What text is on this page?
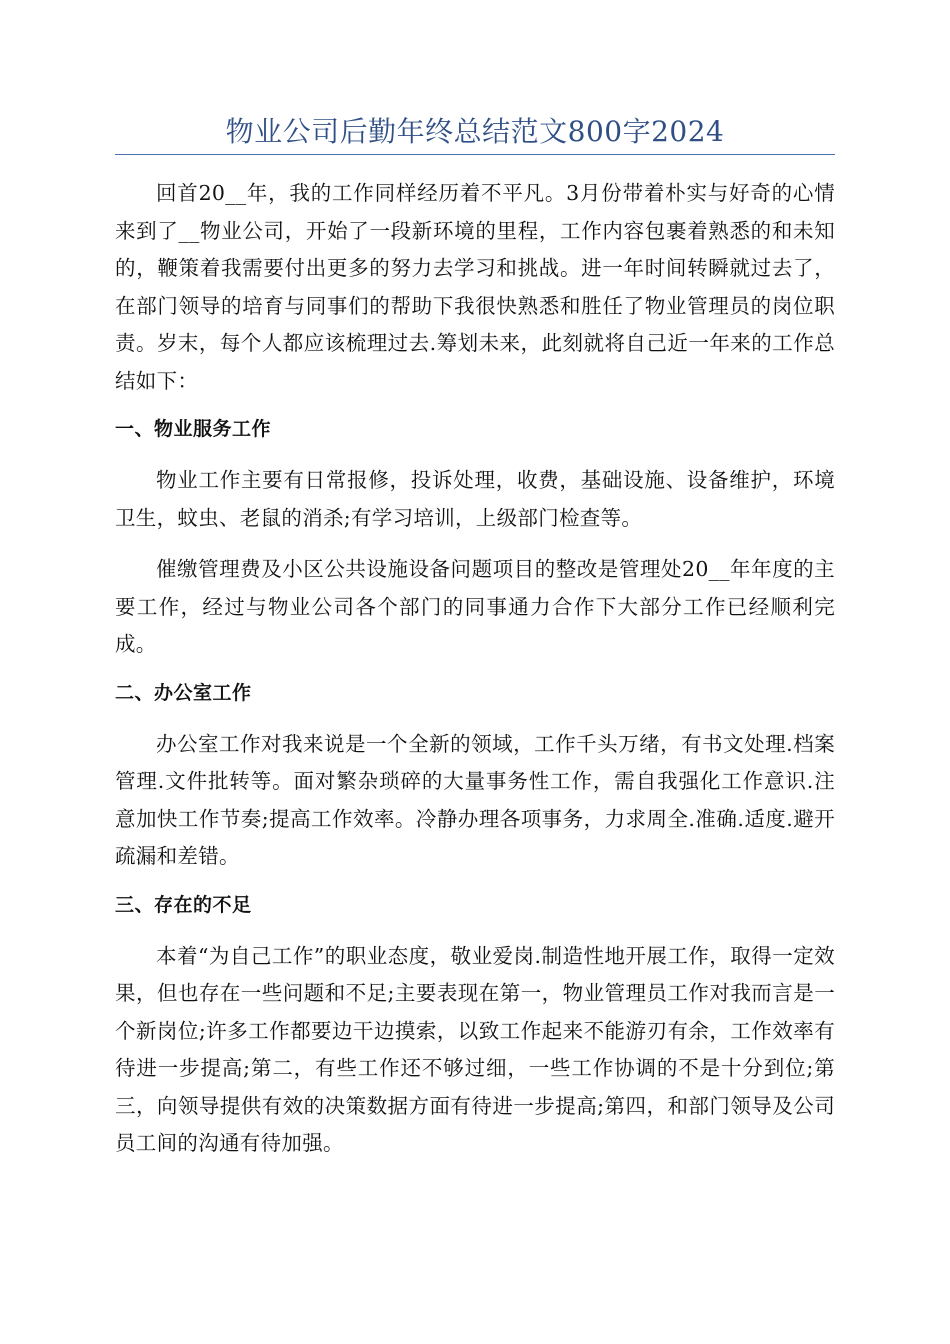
物业公司后勤年终总结范文800字2024

回首20__年，我的工作同样经历着不平凡。3月份带着朴实与好奇的心情来到了__物业公司，开始了一段新环境的里程，工作内容包裹着熟悉的和未知的，鞭策着我需要付出更多的努力去学习和挑战。进一年时间转瞬就过去了，在部门领导的培育与同事们的帮助下我很快熟悉和胜任了物业管理员的岗位职责。岁末，每个人都应该梳理过去.筹划未来，此刻就将自己近一年来的工作总结如下：

一、物业服务工作

物业工作主要有日常报修，投诉处理，收费，基础设施、设备维护，环境卫生，蚊虫、老鼠的消杀;有学习培训，上级部门检查等。

催缴管理费及小区公共设施设备问题项目的整改是管理处20__年年度的主要工作，经过与物业公司各个部门的同事通力合作下大部分工作已经顺利完成。

二、办公室工作

办公室工作对我来说是一个全新的领域，工作千头万绪，有书文处理.档案管理.文件批转等。面对繁杂琐碎的大量事务性工作，需自我强化工作意识.注意加快工作节奏;提高工作效率。冷静办理各项事务，力求周全.准确.适度.避开疏漏和差错。

三、存在的不足

本着“为自己工作”的职业态度，敬业爱岗.制造性地开展工作，取得一定效果，但也存在一些问题和不足;主要表现在第一，物业管理员工作对我而言是一个新岗位;许多工作都要边干边摸索，以致工作起来不能游刃有余，工作效率有待进一步提高;第二，有些工作还不够过细，一些工作协调的不是十分到位;第三，向领导提供有效的决策数据方面有待进一步提高;第四，和部门领导及公司员工间的沟通有待加强。
